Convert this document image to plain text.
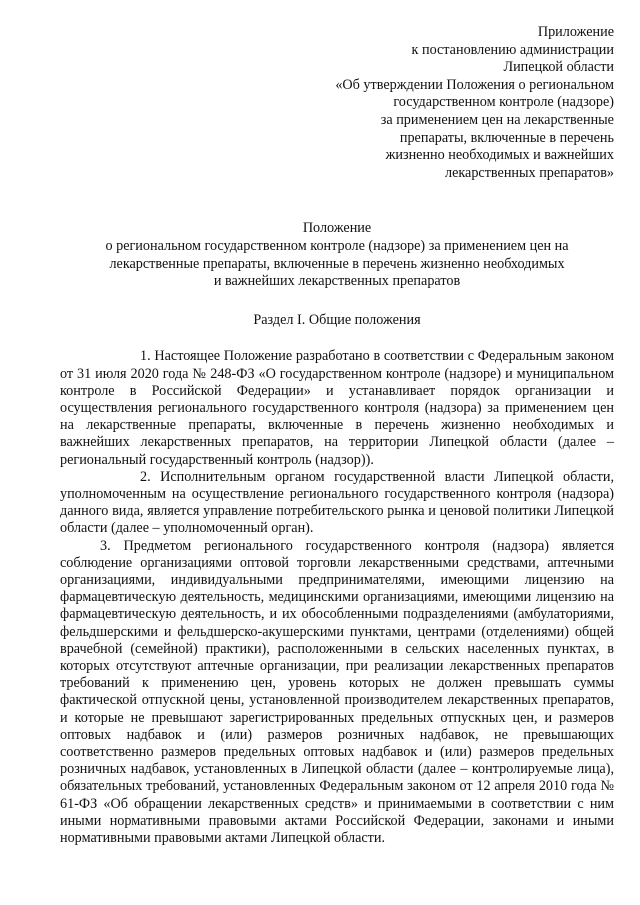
Приложение
к постановлению администрации
Липецкой области
«Об утверждении Положения о региональном
государственном контроле (надзоре)
за применением цен на лекарственные
препараты, включенные в перечень
жизненно необходимых и важнейших
лекарственных препаратов»
Положение
о региональном государственном контроле (надзоре) за применением цен на
лекарственные препараты, включенные в перечень жизненно необходимых
и важнейших лекарственных препаратов
Раздел I. Общие положения

1. Настоящее Положение разработано в соответствии с Федеральным законом от 31 июля 2020 года № 248-ФЗ «О государственном контроле (надзоре) и муниципальном контроле в Российской Федерации» и устанавливает порядок организации и осуществления регионального государственного контроля (надзора) за применением цен на лекарственные препараты, включенные в перечень жизненно необходимых и важнейших лекарственных препаратов, на территории Липецкой области (далее – региональный государственный контроль (надзор)).

2. Исполнительным органом государственной власти Липецкой области, уполномоченным на осуществление регионального государственного контроля (надзора) данного вида, является управление потребительского рынка и ценовой политики Липецкой области (далее – уполномоченный орган).

3. Предметом регионального государственного контроля (надзора) является соблюдение организациями оптовой торговли лекарственными средствами, аптечными организациями, индивидуальными предпринимателями, имеющими лицензию на фармацевтическую деятельность, медицинскими организациями, имеющими лицензию на фармацевтическую деятельность, и их обособленными подразделениями (амбулаториями, фельдшерскими и фельдшерско-акушерскими пунктами, центрами (отделениями) общей врачебной (семейной) практики), расположенными в сельских населенных пунктах, в которых отсутствуют аптечные организации, при реализации лекарственных препаратов требований к применению цен, уровень которых не должен превышать суммы фактической отпускной цены, установленной производителем лекарственных препаратов, и которые не превышают зарегистрированных предельных отпускных цен, и размеров оптовых надбавок и (или) размеров розничных надбавок, не превышающих соответственно размеров предельных оптовых надбавок и (или) размеров предельных розничных надбавок, установленных в Липецкой области (далее – контролируемые лица), обязательных требований, установленных Федеральным законом от 12 апреля 2010 года № 61-ФЗ «Об обращении лекарственных средств» и принимаемыми в соответствии с ним иными нормативными правовыми актами Российской Федерации, законами и иными нормативными правовыми актами Липецкой области.
